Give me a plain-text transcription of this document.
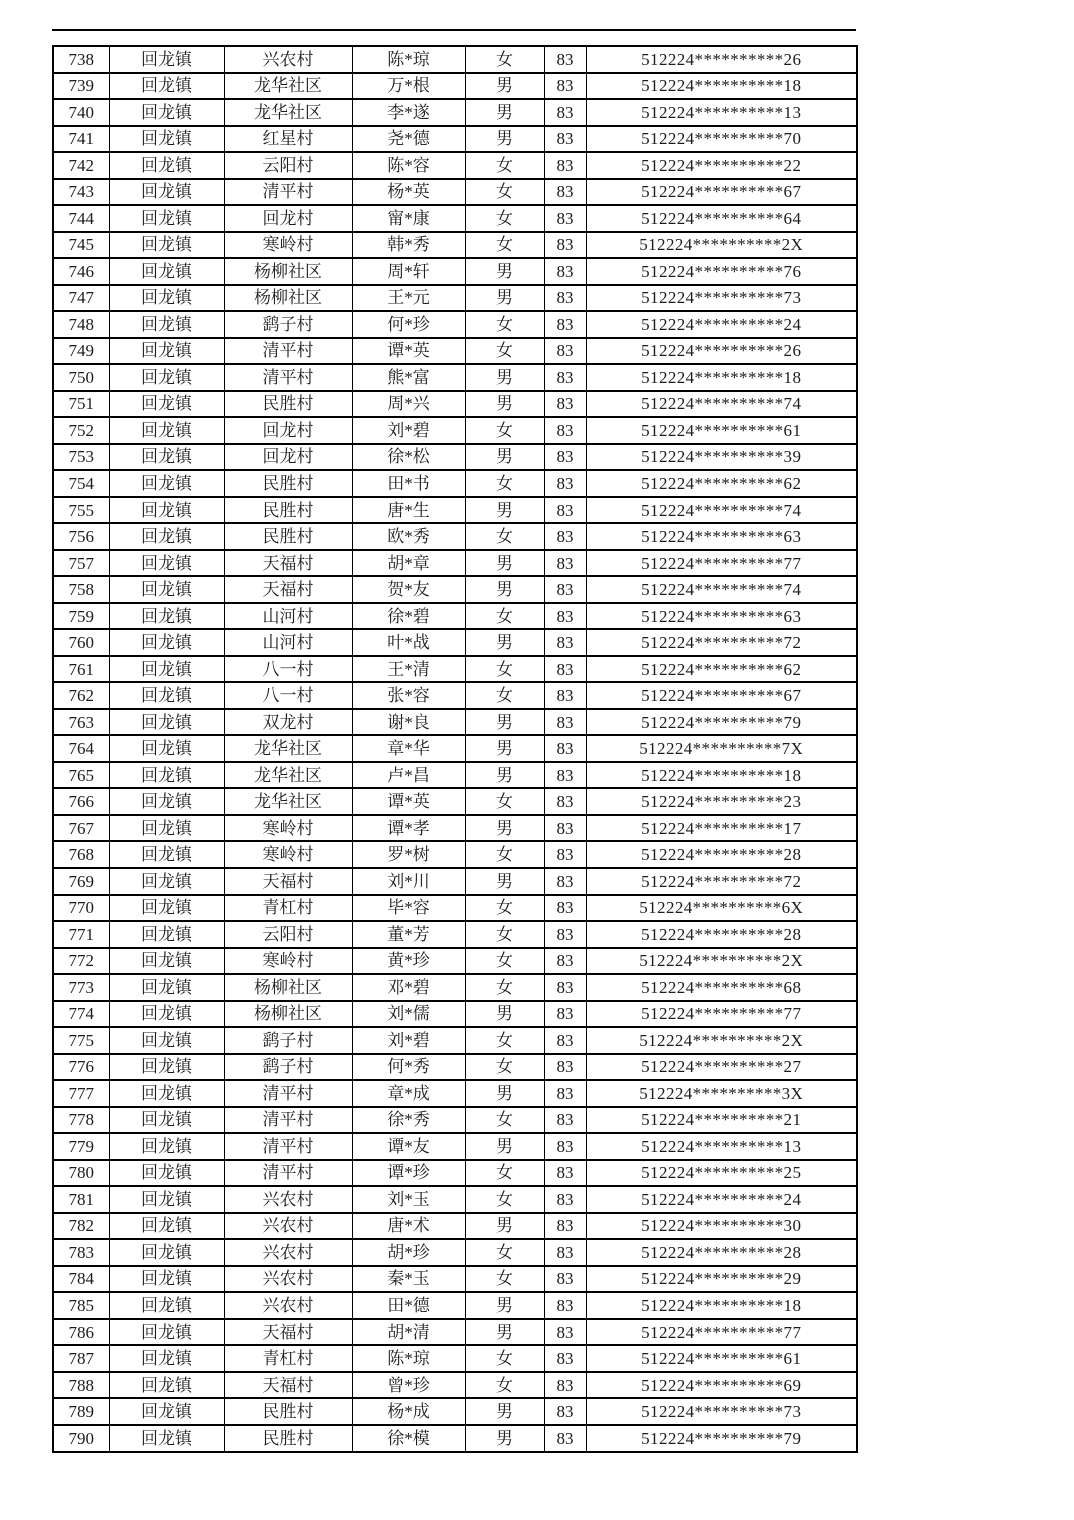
738	回龙镇	兴农村	陈*琼	女	83	512224**********26
739	回龙镇	龙华社区	万*根	男	83	512224**********18
740	回龙镇	龙华社区	李*遂	男	83	512224**********13
741	回龙镇	红星村	尧*德	男	83	512224**********70
742	回龙镇	云阳村	陈*容	女	83	512224**********22
743	回龙镇	清平村	杨*英	女	83	512224**********67
744	回龙镇	回龙村	甯*康	女	83	512224**********64
745	回龙镇	寒岭村	韩*秀	女	83	512224**********2X
746	回龙镇	杨柳社区	周*轩	男	83	512224**********76
747	回龙镇	杨柳社区	王*元	男	83	512224**********73
748	回龙镇	鹞子村	何*珍	女	83	512224**********24
749	回龙镇	清平村	谭*英	女	83	512224**********26
750	回龙镇	清平村	熊*富	男	83	512224**********18
751	回龙镇	民胜村	周*兴	男	83	512224**********74
752	回龙镇	回龙村	刘*碧	女	83	512224**********61
753	回龙镇	回龙村	徐*松	男	83	512224**********39
754	回龙镇	民胜村	田*书	女	83	512224**********62
755	回龙镇	民胜村	唐*生	男	83	512224**********74
756	回龙镇	民胜村	欧*秀	女	83	512224**********63
757	回龙镇	天福村	胡*章	男	83	512224**********77
758	回龙镇	天福村	贺*友	男	83	512224**********74
759	回龙镇	山河村	徐*碧	女	83	512224**********63
760	回龙镇	山河村	叶*战	男	83	512224**********72
761	回龙镇	八一村	王*清	女	83	512224**********62
762	回龙镇	八一村	张*容	女	83	512224**********67
763	回龙镇	双龙村	谢*良	男	83	512224**********79
764	回龙镇	龙华社区	章*华	男	83	512224**********7X
765	回龙镇	龙华社区	卢*昌	男	83	512224**********18
766	回龙镇	龙华社区	谭*英	女	83	512224**********23
767	回龙镇	寒岭村	谭*孝	男	83	512224**********17
768	回龙镇	寒岭村	罗*树	女	83	512224**********28
769	回龙镇	天福村	刘*川	男	83	512224**********72
770	回龙镇	青杠村	毕*容	女	83	512224**********6X
771	回龙镇	云阳村	董*芳	女	83	512224**********28
772	回龙镇	寒岭村	黄*珍	女	83	512224**********2X
773	回龙镇	杨柳社区	邓*碧	女	83	512224**********68
774	回龙镇	杨柳社区	刘*儒	男	83	512224**********77
775	回龙镇	鹞子村	刘*碧	女	83	512224**********2X
776	回龙镇	鹞子村	何*秀	女	83	512224**********27
777	回龙镇	清平村	章*成	男	83	512224**********3X
778	回龙镇	清平村	徐*秀	女	83	512224**********21
779	回龙镇	清平村	谭*友	男	83	512224**********13
780	回龙镇	清平村	谭*珍	女	83	512224**********25
781	回龙镇	兴农村	刘*玉	女	83	512224**********24
782	回龙镇	兴农村	唐*术	男	83	512224**********30
783	回龙镇	兴农村	胡*珍	女	83	512224**********28
784	回龙镇	兴农村	秦*玉	女	83	512224**********29
785	回龙镇	兴农村	田*德	男	83	512224**********18
786	回龙镇	天福村	胡*清	男	83	512224**********77
787	回龙镇	青杠村	陈*琼	女	83	512224**********61
788	回龙镇	天福村	曾*珍	女	83	512224**********69
789	回龙镇	民胜村	杨*成	男	83	512224**********73
790	回龙镇	民胜村	徐*模	男	83	512224**********79
